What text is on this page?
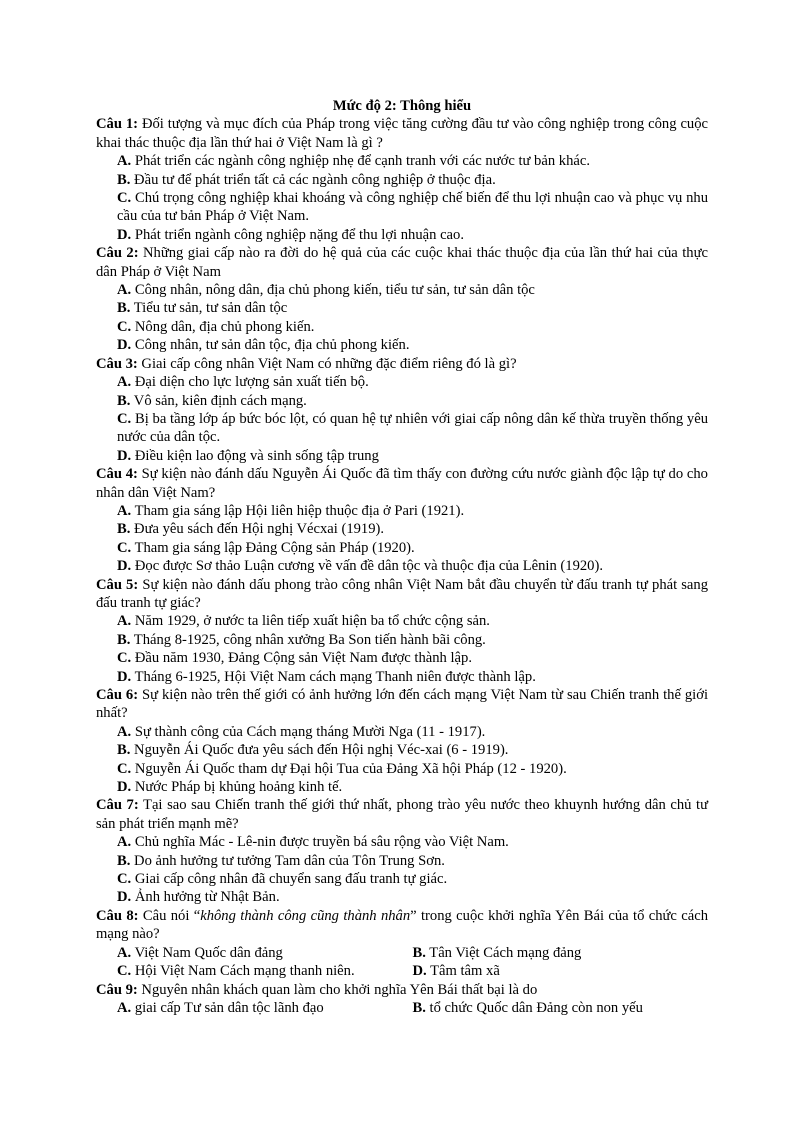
Mức độ 2: Thông hiểu
Câu 1: Đối tượng và mục đích của Pháp trong việc tăng cường đầu tư vào công nghiệp trong công cuộc khai thác thuộc địa lần thứ hai ở Việt Nam là gì ?
A. Phát triển các ngành công nghiệp nhẹ để cạnh tranh với các nước tư bản khác.
B. Đầu tư để phát triển tất cả các ngành công nghiệp ở thuộc địa.
C. Chú trọng công nghiệp khai khoáng và công nghiệp chế biến để thu lợi nhuận cao và phục vụ nhu cầu của tư bản Pháp ở Việt Nam.
D. Phát triển ngành công nghiệp nặng để thu lợi nhuận cao.
Câu 2: Những giai cấp nào ra đời do hệ quả của các cuộc khai thác thuộc địa của lần thứ hai của thực dân Pháp ở Việt Nam
A. Công nhân, nông dân, địa chủ phong kiến, tiểu tư sản, tư sản dân tộc
B. Tiểu tư sản, tư sản dân tộc
C. Nông dân, địa chủ phong kiến.
D. Công nhân, tư sản dân tộc, địa chủ phong kiến.
Câu 3: Giai cấp công nhân Việt Nam có những đặc điểm riêng đó là gì?
A. Đại diện cho lực lượng sản xuất tiến bộ.
B. Vô sản, kiên định cách mạng.
C. Bị ba tầng lớp áp bức bóc lột, có quan hệ tự nhiên với giai cấp nông dân kế thừa truyền thống yêu nước của dân tộc.
D. Điều kiện lao động và sinh sống tập trung
Câu 4: Sự kiện nào đánh dấu Nguyễn Ái Quốc đã tìm thấy con đường cứu nước giành độc lập tự do cho nhân dân Việt Nam?
A. Tham gia sáng lập Hội liên hiệp thuộc địa ở Pari (1921).
B. Đưa yêu sách đến Hội nghị Vécxai (1919).
C. Tham gia sáng lập Đảng Cộng sản Pháp (1920).
D. Đọc được Sơ thảo Luận cương về vấn đề dân tộc và thuộc địa của Lênin (1920).
Câu 5: Sự kiện nào đánh dấu phong trào công nhân Việt Nam bắt đầu chuyển từ đấu tranh tự phát sang đấu tranh tự giác?
A. Năm 1929, ở nước ta liên tiếp xuất hiện ba tổ chức cộng sản.
B. Tháng 8-1925, công nhân xưởng Ba Son tiến hành bãi công.
C. Đầu năm 1930, Đảng Cộng sản Việt Nam được thành lập.
D. Tháng 6-1925, Hội Việt Nam cách mạng Thanh niên được thành lập.
Câu 6: Sự kiện nào trên thế giới có ảnh hưởng lớn đến cách mạng Việt Nam từ sau Chiến tranh thế giới nhất?
A. Sự thành công của Cách mạng tháng Mười Nga (11 - 1917).
B. Nguyễn Ái Quốc đưa yêu sách đến Hội nghị Véc-xai (6 - 1919).
C. Nguyễn Ái Quốc tham dự Đại hội Tua của Đảng Xã hội Pháp (12 - 1920).
D. Nước Pháp bị khủng hoảng kinh tế.
Câu 7: Tại sao sau Chiến tranh thế giới thứ nhất, phong trào yêu nước theo khuynh hướng dân chủ tư sản phát triển mạnh mẽ?
A. Chủ nghĩa Mác - Lê-nin được truyền bá sâu rộng vào Việt Nam.
B. Do ảnh hưởng tư tưởng Tam dân của Tôn Trung Sơn.
C. Giai cấp công nhân đã chuyển sang đấu tranh tự giác.
D. Ảnh hưởng từ Nhật Bản.
Câu 8: Câu nói “không thành công cũng thành nhân” trong cuộc khởi nghĩa Yên Bái của tổ chức cách mạng nào?
A. Việt Nam Quốc dân đảng	B. Tân Việt Cách mạng đảng
C. Hội Việt Nam Cách mạng thanh niên.	D. Tâm tâm xã
Câu 9: Nguyên nhân khách quan làm cho khởi nghĩa Yên Bái thất bại là do
A. giai cấp Tư sản dân tộc lãnh đạo	B. tổ chức Quốc dân Đảng còn non yếu
